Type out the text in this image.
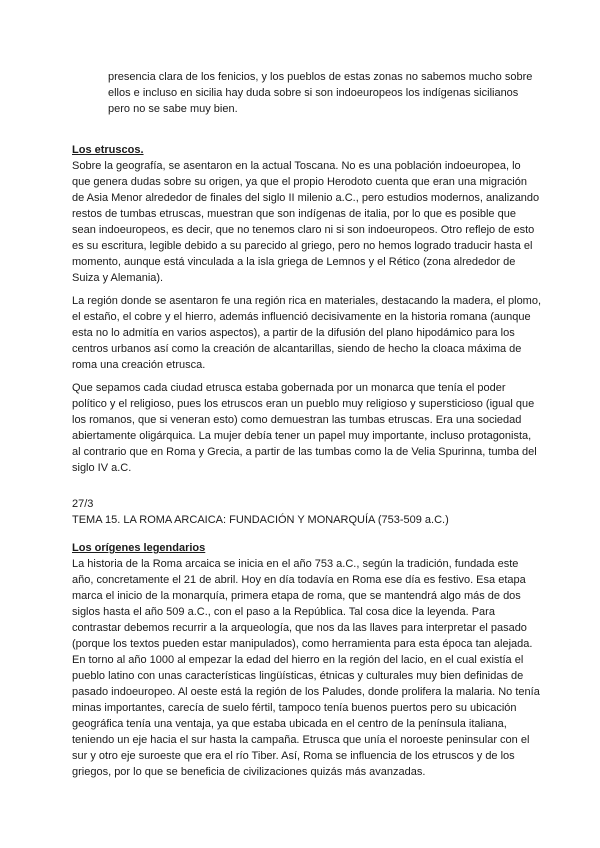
presencia clara de los fenicios, y los pueblos de estas zonas no sabemos mucho sobre ellos e incluso en sicilia hay duda sobre si son indoeuropeos los indígenas sicilianos pero no se sabe muy bien.

Los etruscos.

Sobre la geografía, se asentaron en la actual Toscana. No es una población indoeuropea, lo que genera dudas sobre su origen, ya que el propio Herodoto cuenta que eran una migración de Asia Menor alrededor de finales del siglo II milenio a.C., pero estudios modernos, analizando restos de tumbas etruscas, muestran que son indígenas de italia, por lo que es posible que sean indoeuropeos, es decir, que no tenemos claro ni si son indoeuropeos. Otro reflejo de esto es su escritura, legible debido a su parecido al griego, pero no hemos logrado traducir hasta el momento, aunque está vinculada a la isla griega de Lemnos y el Rético (zona alrededor de Suiza y Alemania).

La región donde se asentaron fe una región rica en materiales, destacando la madera, el plomo, el estaño, el cobre y el hierro, además influenció decisivamente en la historia romana (aunque esta no lo admitía en varios aspectos), a partir de la difusión del plano hipodámico para los centros urbanos así como la creación de alcantarillas, siendo de hecho la cloaca máxima de roma una creación etrusca.

Que sepamos cada ciudad etrusca estaba gobernada por un monarca que tenía el poder político y el religioso, pues los etruscos eran un pueblo muy religioso y supersticioso (igual que los romanos, que si veneran esto) como demuestran las tumbas etruscas. Era una sociedad abiertamente oligárquica. La mujer debía tener un papel muy importante, incluso protagonista, al contrario que en Roma y Grecia, a partir de las tumbas como la de Velia Spurinna, tumba del siglo IV a.C.

27/3

TEMA 15. LA ROMA ARCAICA: FUNDACIÓN Y MONARQUÍA (753-509 a.C.)

Los orígenes legendarios

La historia de la Roma arcaica se inicia en el año 753 a.C., según la tradición, fundada este año, concretamente el 21 de abril. Hoy en día todavía en Roma ese día es festivo. Esa etapa marca el inicio de la monarquía, primera etapa de roma, que se mantendrá algo más de dos siglos hasta el año 509 a.C., con el paso a la República. Tal cosa dice la leyenda. Para contrastar debemos recurrir a la arqueología, que nos da las llaves para interpretar el pasado (porque los textos pueden estar manipulados), como herramienta para esta época tan alejada. En torno al año 1000 al empezar la edad del hierro en la región del lacio, en el cual existía el pueblo latino con unas características lingüísticas, étnicas y culturales muy bien definidas de pasado indoeuropeo. Al oeste está la región de los Paludes, donde prolifera la malaria. No tenía minas importantes, carecía de suelo fértil, tampoco tenía buenos puertos pero su ubicación geográfica tenía una ventaja, ya que estaba ubicada en el centro de la península italiana, teniendo un eje hacia el sur hasta la campaña. Etrusca que unía el noroeste peninsular con el sur y otro eje suroeste que era el río Tiber. Así, Roma se influencia de los etruscos y de los griegos, por lo que se beneficia de civilizaciones quizás más avanzadas.
